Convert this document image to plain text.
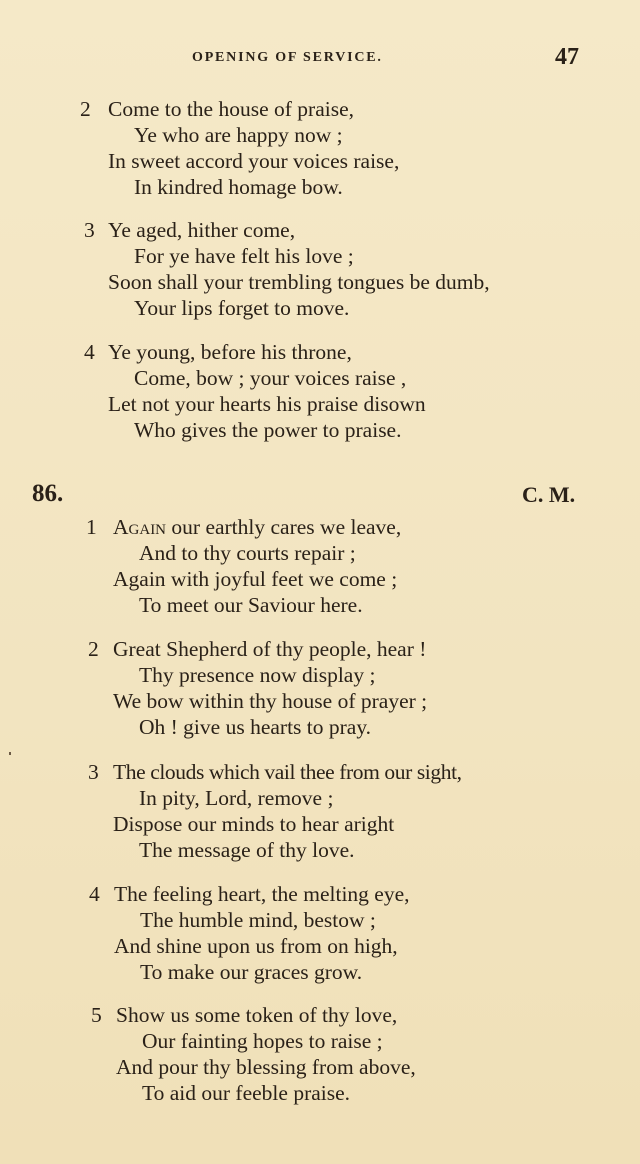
OPENING OF SERVICE.	47
2 Come to the house of praise,
Ye who are happy now ;
In sweet accord your voices raise,
In kindred homage bow.
3 Ye aged, hither come,
For ye have felt his love ;
Soon shall your trembling tongues be dumb,
Your lips forget to move.
4 Ye young, before his throne,
Come, bow ; your voices raise ,
Let not your hearts his praise disown
Who gives the power to praise.
86.	C. M.
1 Again our earthly cares we leave,
And to thy courts repair ;
Again with joyful feet we come ;
To meet our Saviour here.
2 Great Shepherd of thy people, hear !
Thy presence now display ;
We bow within thy house of prayer ;
Oh ! give us hearts to pray.
3 The clouds which vail thee from our sight,
In pity, Lord, remove ;
Dispose our minds to hear aright
The message of thy love.
4 The feeling heart, the melting eye,
The humble mind, bestow ;
And shine upon us from on high,
To make our graces grow.
5 Show us some token of thy love,
Our fainting hopes to raise ;
And pour thy blessing from above,
To aid our feeble praise.
